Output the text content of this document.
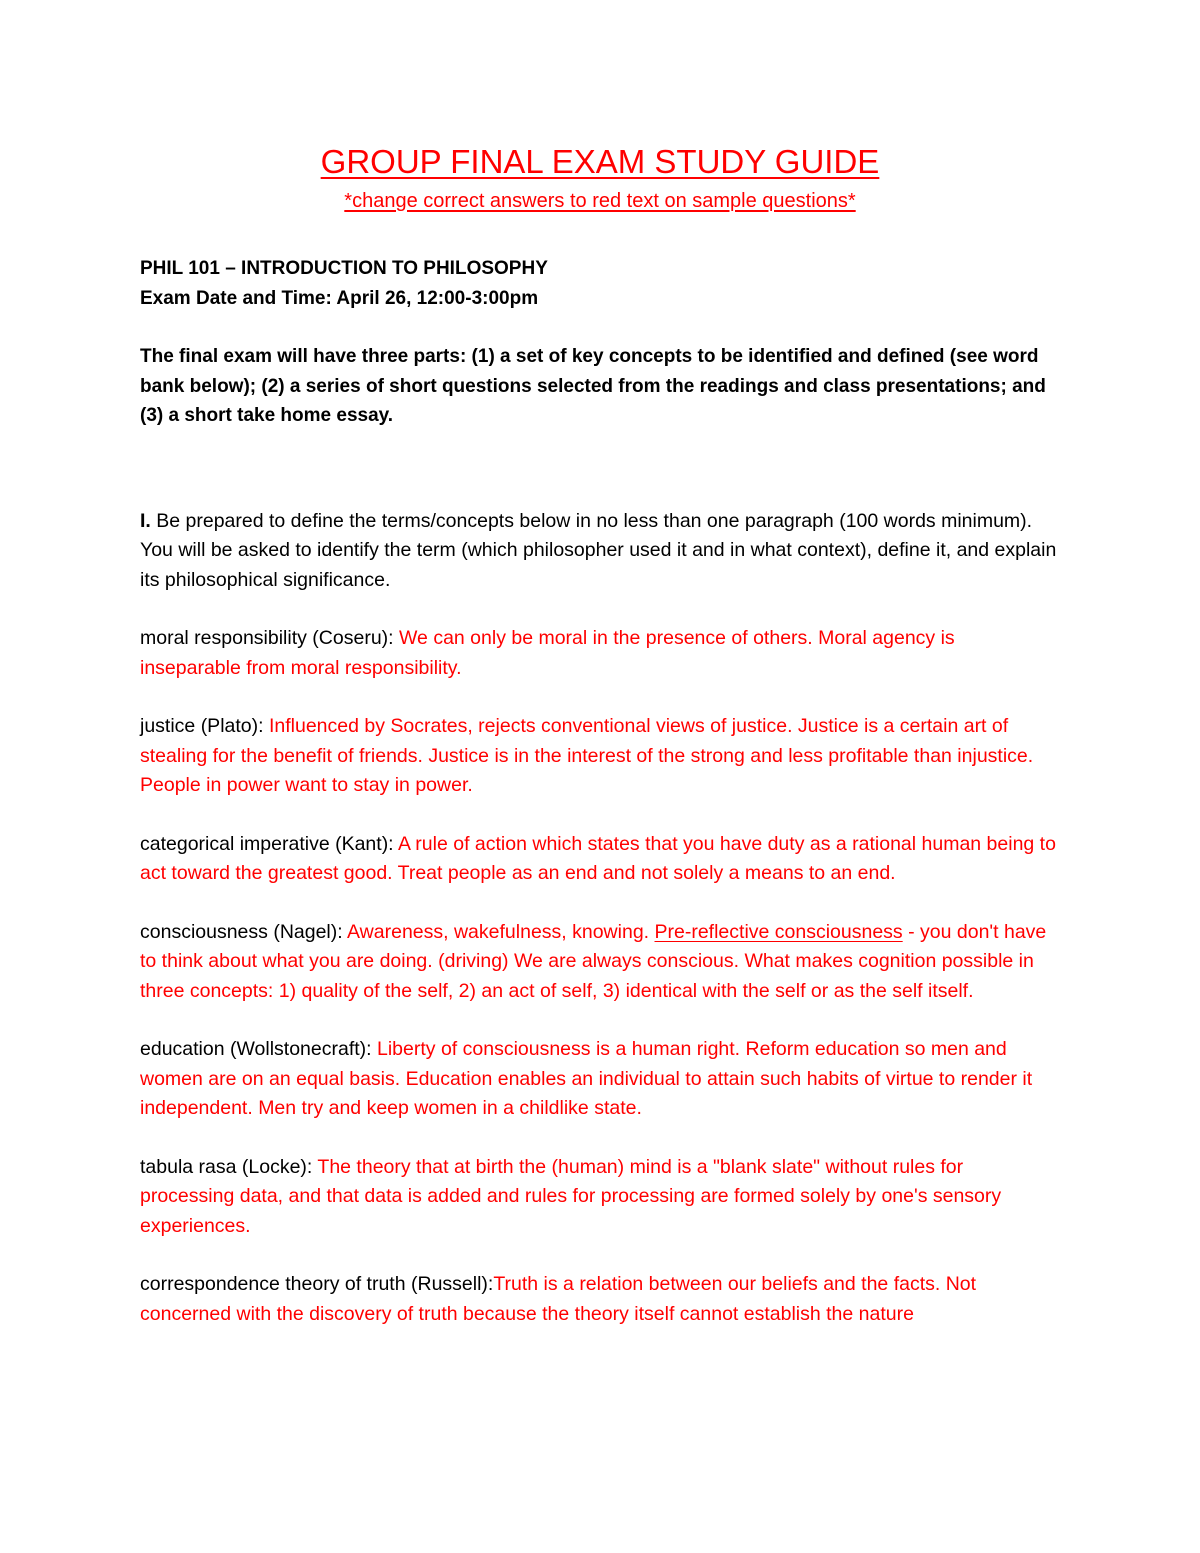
GROUP FINAL EXAM STUDY GUIDE

*change correct answers to red text on sample questions*

PHIL 101 – INTRODUCTION TO PHILOSOPHY

Exam Date and Time: April 26, 12:00-3:00pm

The final exam will have three parts: (1) a set of key concepts to be identified and defined (see word bank below); (2) a series of short questions selected from the readings and class presentations; and (3) a short take home essay.

I. Be prepared to define the terms/concepts below in no less than one paragraph (100 words minimum). You will be asked to identify the term (which philosopher used it and in what context), define it, and explain its philosophical significance.

moral responsibility (Coseru): We can only be moral in the presence of others. Moral agency is inseparable from moral responsibility.

justice (Plato): Influenced by Socrates, rejects conventional views of justice. Justice is a certain art of stealing for the benefit of friends. Justice is in the interest of the strong and less profitable than injustice. People in power want to stay in power.

categorical imperative (Kant): A rule of action which states that you have duty as a rational human being to act toward the greatest good. Treat people as an end and not solely a means to an end.

consciousness (Nagel): Awareness, wakefulness, knowing. Pre-reflective consciousness - you don't have to think about what you are doing. (driving) We are always conscious. What makes cognition possible in three concepts: 1) quality of the self, 2) an act of self, 3) identical with the self or as the self itself.

education (Wollstonecraft): Liberty of consciousness is a human right. Reform education so men and women are on an equal basis. Education enables an individual to attain such habits of virtue to render it independent. Men try and keep women in a childlike state.

tabula rasa (Locke): The theory that at birth the (human) mind is a "blank slate" without rules for processing data, and that data is added and rules for processing are formed solely by one's sensory experiences.

correspondence theory of truth (Russell):Truth is a relation between our beliefs and the facts. Not concerned with the discovery of truth because the theory itself cannot establish the nature
